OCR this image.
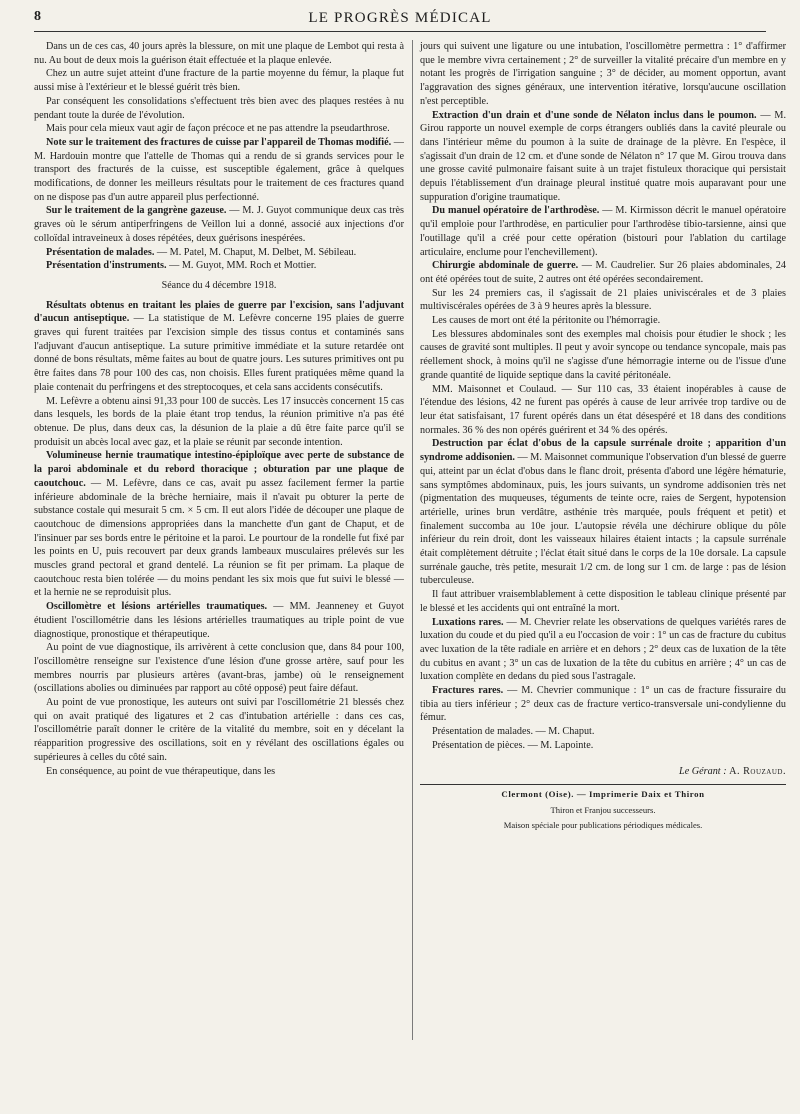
8	LE PROGRÈS MÉDICAL

Dans un de ces cas, 40 jours après la blessure, on mit une plaque de Lembot qui resta à nu. Au bout de deux mois la guérison était effectuée et la plaque enlevée.

Chez un autre sujet atteint d'une fracture de la partie moyenne du fémur, la plaque fut aussi mise à l'extérieur et le blessé guérit très bien.

Par conséquent les consolidations s'effectuent très bien avec des plaques restées à nu pendant toute la durée de l'évolution.

Mais pour cela mieux vaut agir de façon précoce et ne pas attendre la pseudarthrose.

Note sur le traitement des fractures de cuisse par l'appareil de Thomas modifié. — M. Hardouin montre que l'attelle de Thomas qui a rendu de si grands services pour le transport des fracturés de la cuisse, est susceptible également, grâce à quelques modifications, de donner les meilleurs résultats pour le traitement de ces fractures quand on ne dispose pas d'un autre appareil plus perfectionné.

Sur le traitement de la gangrène gazeuse. — M. J. Guyot communique deux cas très graves où le sérum antiperfringens de Veillon lui a donné, associé aux injections d'or colloïdal intraveineux à doses répétées, deux guérisons inespérées.

Présentation de malades. — M. Patel, M. Chaput, M. Delbet, M. Sébileau.

Présentation d'instruments. — M. Guyot, MM. Roch et Mottier.

Séance du 4 décembre 1918.

Résultats obtenus en traitant les plaies de guerre par l'excision, sans l'adjuvant d'aucun antiseptique. — La statistique de M. Lefèvre concerne 195 plaies de guerre graves qui furent traitées par l'excision simple des tissus contus et contaminés sans l'adjuvant d'aucun antiseptique. La suture primitive immédiate et la suture retardée ont donné de bons résultats, même faites au bout de quatre jours. Les sutures primitives ont pu être faites dans 78 pour 100 des cas, non choisis. Elles furent pratiquées même quand la plaie contenait du perfringens et des streptocoques, et cela sans accidents consécutifs.

M. Lefèvre a obtenu ainsi 91,33 pour 100 de succès. Les 17 insuccès concernent 15 cas dans lesquels, les bords de la plaie étant trop tendus, la réunion primitive n'a pas été obtenue. De plus, dans deux cas, la désunion de la plaie a dû être faite parce qu'il se produisit un abcès local avec gaz, et la plaie se réunit par seconde intention.

Volumineuse hernie traumatique intestino-épiploïque avec perte de substance de la paroi abdominale et du rebord thoracique ; obturation par une plaque de caoutchouc. — M. Lefèvre, dans ce cas, avait pu assez facilement fermer la partie inférieure abdominale de la brèche herniaire, mais il n'avait pu obturer la perte de substance costale qui mesurait 5 cm. × 5 cm. Il eut alors l'idée de découper une plaque de caoutchouc de dimensions appropriées dans la manchette d'un gant de Chaput, et de l'insinuer par ses bords entre le péritoine et la paroi. Le pourtour de la rondelle fut fixé par les points en U, puis recouvert par deux grands lambeaux musculaires prélevés sur les muscles grand pectoral et grand dentelé. La réunion se fit per primam. La plaque de caoutchouc resta bien tolérée — du moins pendant les six mois que fut suivi le blessé — et la hernie ne se reproduisit plus.

Oscillomètre et lésions artérielles traumatiques. — MM. Jeanneney et Guyot étudient l'oscillométrie dans les lésions artérielles traumatiques au triple point de vue diagnostique, pronostique et thérapeutique.

Au point de vue diagnostique, ils arrivèrent à cette conclusion que, dans 84 pour 100, l'oscillomètre renseigne sur l'existence d'une lésion d'une grosse artère, sauf pour les membres nourris par plusieurs artères (avant-bras, jambe) où le renseignement (oscillations abolies ou diminuées par rapport au côté opposé) peut faire défaut.

Au point de vue pronostique, les auteurs ont suivi par l'oscillométrie 21 blessés chez qui on avait pratiqué des ligatures et 2 cas d'intubation artérielle : dans ces cas, l'oscillométrie paraît donner le critère de la vitalité du membre, soit en y décelant la réapparition progressive des oscillations, soit en y révélant des oscillations égales ou supérieures à celles du côté sain.

En conséquence, au point de vue thérapeutique, dans les

jours qui suivent une ligature ou une intubation, l'oscillomètre permettra : 1° d'affirmer que le membre vivra certainement ; 2° de surveiller la vitalité précaire d'un membre en y notant les progrès de l'irrigation sanguine ; 3° de décider, au moment opportun, avant l'aggravation des signes généraux, une intervention itérative, lorsqu'aucune oscillation n'est perceptible.

Extraction d'un drain et d'une sonde de Nélaton inclus dans le poumon. — M. Girou rapporte un nouvel exemple de corps étrangers oubliés dans la cavité pleurale ou dans l'intérieur même du poumon à la suite de drainage de la plèvre. En l'espèce, il s'agissait d'un drain de 12 cm. et d'une sonde de Nélaton n° 17 que M. Girou trouva dans une grosse cavité pulmonaire faisant suite à un trajet fistuleux thoracique qui persistait depuis l'établissement d'un drainage pleural institué quatre mois auparavant pour une suppuration d'origine traumatique.

Du manuel opératoire de l'arthrodèse. — M. Kirmisson décrit le manuel opératoire qu'il emploie pour l'arthrodèse, en particulier pour l'arthrodèse tibio-tarsienne, ainsi que l'outillage qu'il a créé pour cette opération (bistouri pour l'ablation du cartilage articulaire, enclume pour l'enchevillement).

Chirurgie abdominale de guerre. — M. Caudrelier. Sur 26 plaies abdominales, 24 ont été opérées tout de suite, 2 autres ont été opérées secondairement.

Sur les 24 premiers cas, il s'agissait de 21 plaies univiscérales et de 3 plaies multiviscérales opérées de 3 à 9 heures après la blessure.

Les causes de mort ont été la péritonite ou l'hémorragie.

Les blessures abdominales sont des exemples mal choisis pour étudier le shock ; les causes de gravité sont multiples. Il peut y avoir syncope ou tendance syncopale, mais pas réellement shock, à moins qu'il ne s'agisse d'une hémorragie interne ou de l'issue d'une grande quantité de liquide septique dans la cavité péritonéale.

MM. Maisonnet et Coulaud. — Sur 110 cas, 33 étaient inopérables à cause de l'étendue des lésions, 42 ne furent pas opérés à cause de leur arrivée trop tardive ou de leur état satisfaisant, 17 furent opérés dans un état désespéré et 18 dans des conditions normales. 36 % des non opérés guérirent et 34 % des opérés.

Destruction par éclat d'obus de la capsule surrénale droite ; apparition d'un syndrome addisonien. — M. Maisonnet communique l'observation d'un blessé de guerre qui, atteint par un éclat d'obus dans le flanc droit, présenta d'abord une légère hématurie, sans symptômes abdominaux, puis, les jours suivants, un syndrome addisonien très net (pigmentation des muqueuses, téguments de teinte ocre, raies de Sergent, hypotension artérielle, urines brun verdâtre, asthénie très marquée, pouls fréquent et petit) et finalement succomba au 10e jour. L'autopsie révéla une déchirure oblique du pôle inférieur du rein droit, dont les vaisseaux hilaires étaient intacts ; la capsule surrénale était complètement détruite ; l'éclat était situé dans le corps de la 10e dorsale. La capsule surrénale gauche, très petite, mesurait 1/2 cm. de long sur 1 cm. de large : pas de lésion tuberculeuse.

Il faut attribuer vraisemblablement à cette disposition le tableau clinique présenté par le blessé et les accidents qui ont entraîné la mort.

Luxations rares. — M. Chevrier relate les observations de quelques variétés rares de luxation du coude et du pied qu'il a eu l'occasion de voir : 1° un cas de fracture du cubitus avec luxation de la tête radiale en arrière et en dehors ; 2° deux cas de luxation de la tête du cubitus en avant ; 3° un cas de luxation de la tête du cubitus en arrière ; 4° un cas de luxation complète en dedans du pied sous l'astragale.

Fractures rares. — M. Chevrier communique : 1° un cas de fracture fissuraire du tibia au tiers inférieur ; 2° deux cas de fracture vertico-transversale uni-condylienne du fémur.

Présentation de malades. — M. Chaput.

Présentation de pièces. — M. Lapointe.

Le Gérant : A. Rouzaud.

Clermont (Oise). — Imprimerie Daix et Thiron

Thiron et Franjou successeurs.

Maison spéciale pour publications périodiques médicales.
